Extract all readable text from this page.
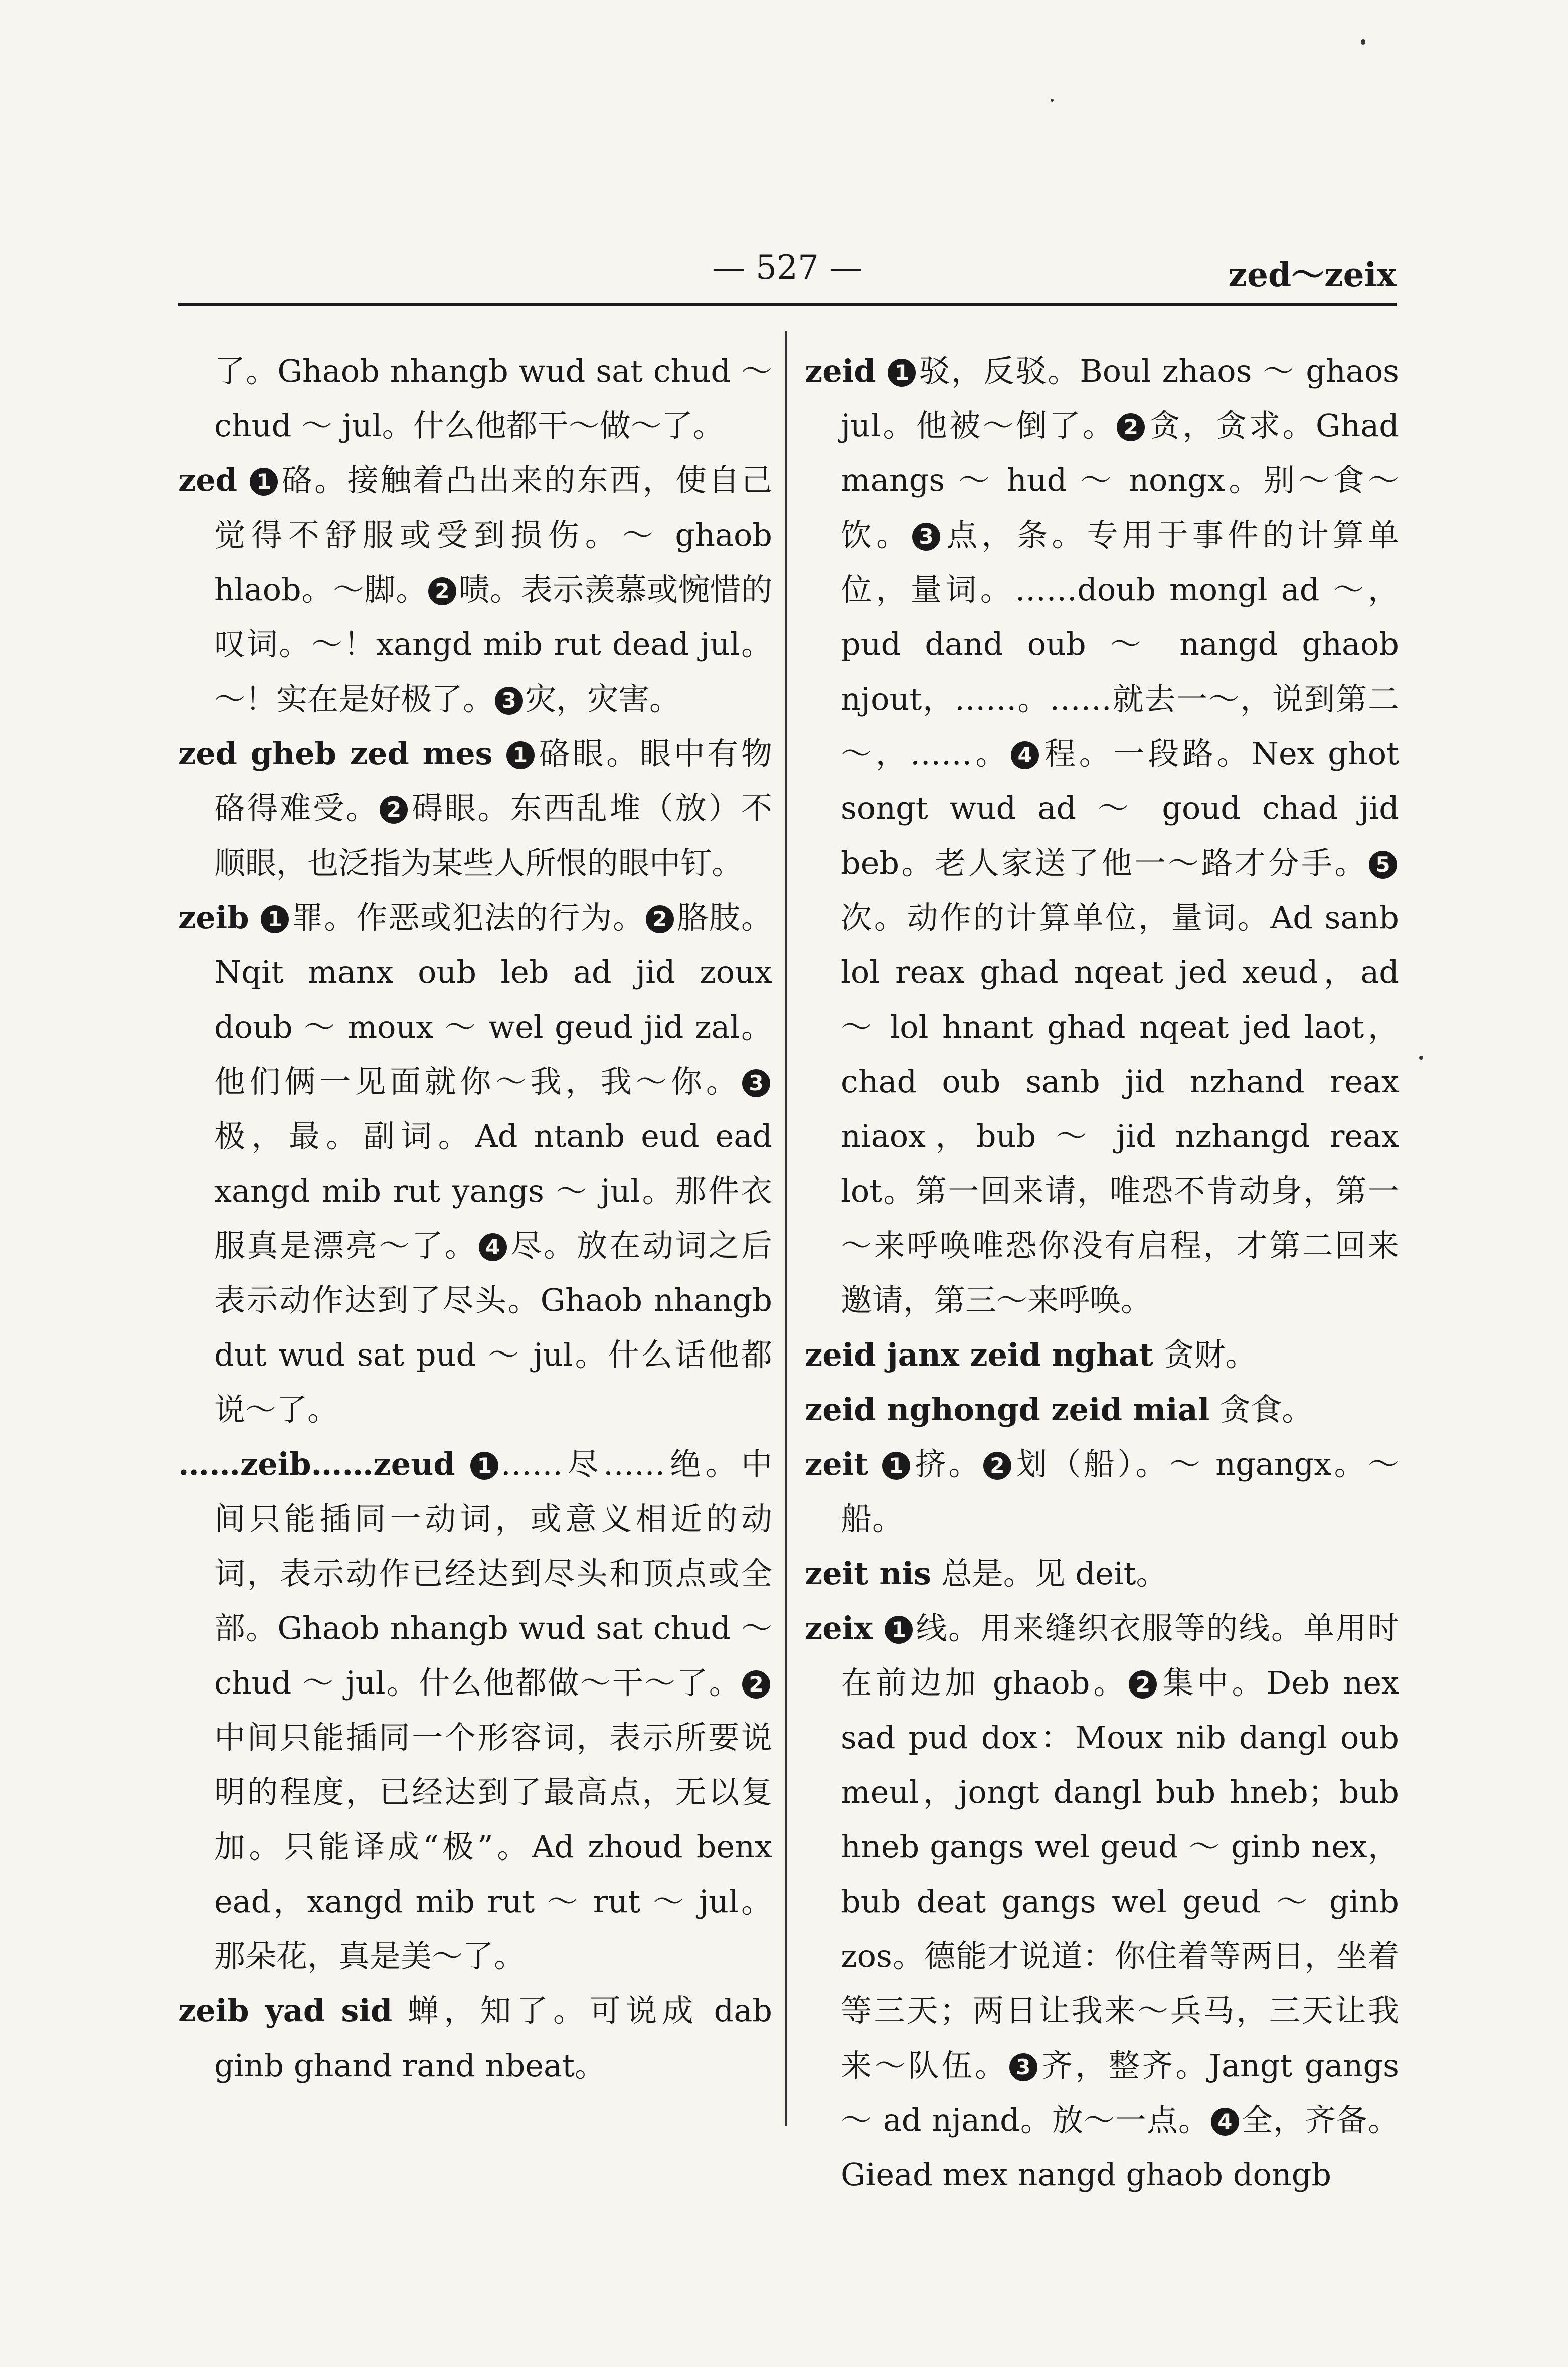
— 527 —	zed～zeix

了。Ghaob nhangb wud sat chud ～ chud ～ jul。什么他都干～做～了。

zed 1 硌。接触着凸出来的东西，使自己觉得不舒服或受到损伤。～ ghaob hlaob。～脚。 2 啧。表示羡慕或惋惜的叹词。～！xangd mib rut dead jul。～！实在是好极了。 3 灾，灾害。

zed gheb zed mes 1 硌眼。眼中有物硌得难受。 2 碍眼。东西乱堆（放）不顺眼，也泛指为某些人所恨的眼中钉。

zeib 1 罪。作恶或犯法的行为。 2 胳肢。Nqit manx oub leb ad jid zoux doub ～ moux ～ wel geud jid zal。他们俩一见面就你～我，我～你。 3极，最。副词。Ad ntanb eud ead xangd mib rut yangs ～ jul。那件衣服真是漂亮～了。 4 尽。放在动词之后表示动作达到了尽头。Ghaob nhangb dut wud sat pud ～ jul。什么话他都说～了。

……zeib……zeud 1 ……尽……绝。中间只能插同一动词，或意义相近的动词，表示动作已经达到尽头和顶点或全部。Ghaob nhangb wud sat chud ～ chud ～ jul。什么他都做～干～了。 2中间只能插同一个形容词，表示所要说明的程度，已经达到了最高点，无以复加。只能译成“极”。Ad zhoud benx ead，xangd mib rut ～ rut ～ jul。那朵花，真是美～了。

zeib yad sid 蝉，知了。可说成 dab ginb ghand rand nbeat。

zeid 1 驳，反驳。Boul zhaos ～ ghaos jul。他被～倒了。 2 贪，贪求。Ghad mangs ～ hud ～ nongx。别～食～饮。 3 点，条。专用于事件的计算单位，量词。……doub mongl ad ～，pud dand oub ～ nangd ghaob njout，……。……就去一～，说到第二～，……。 4 程。一段路。Nex ghot songt wud ad ～ goud chad jid beb。老人家送了他一～路才分手。 5次。动作的计算单位，量词。Ad sanb lol reax ghad nqeat jed xeud，ad ～ lol hnant ghad nqeat jed laot，chad oub sanb jid nzhand reax niaox，bub ～ jid nzhangd reax lot。第一回来请，唯恐不肯动身，第一～来呼唤唯恐你没有启程，才第二回来邀请，第三～来呼唤。

zeid janx zeid nghat 贪财。

zeid nghongd zeid mial 贪食。

zeit 1 挤。 2 划（船）。～ ngangx。～船。

zeit nis 总是。见 deit。

zeix 1 线。用来缝织衣服等的线。单用时在前边加 ghaob。 2 集中。Deb nex sad pud dox：Moux nib dangl oub meul，jongt dangl bub hneb；bub hneb gangs wel geud ～ ginb nex，bub deat gangs wel geud ～ ginb zos。德能才说道：你住着等两日，坐着等三天；两日让我来～兵马，三天让我来～队伍。 3 齐，整齐。Jangt gangs ～ ad njand。放～一点。 4 全，齐备。Giead mex nangd ghaob dongb
